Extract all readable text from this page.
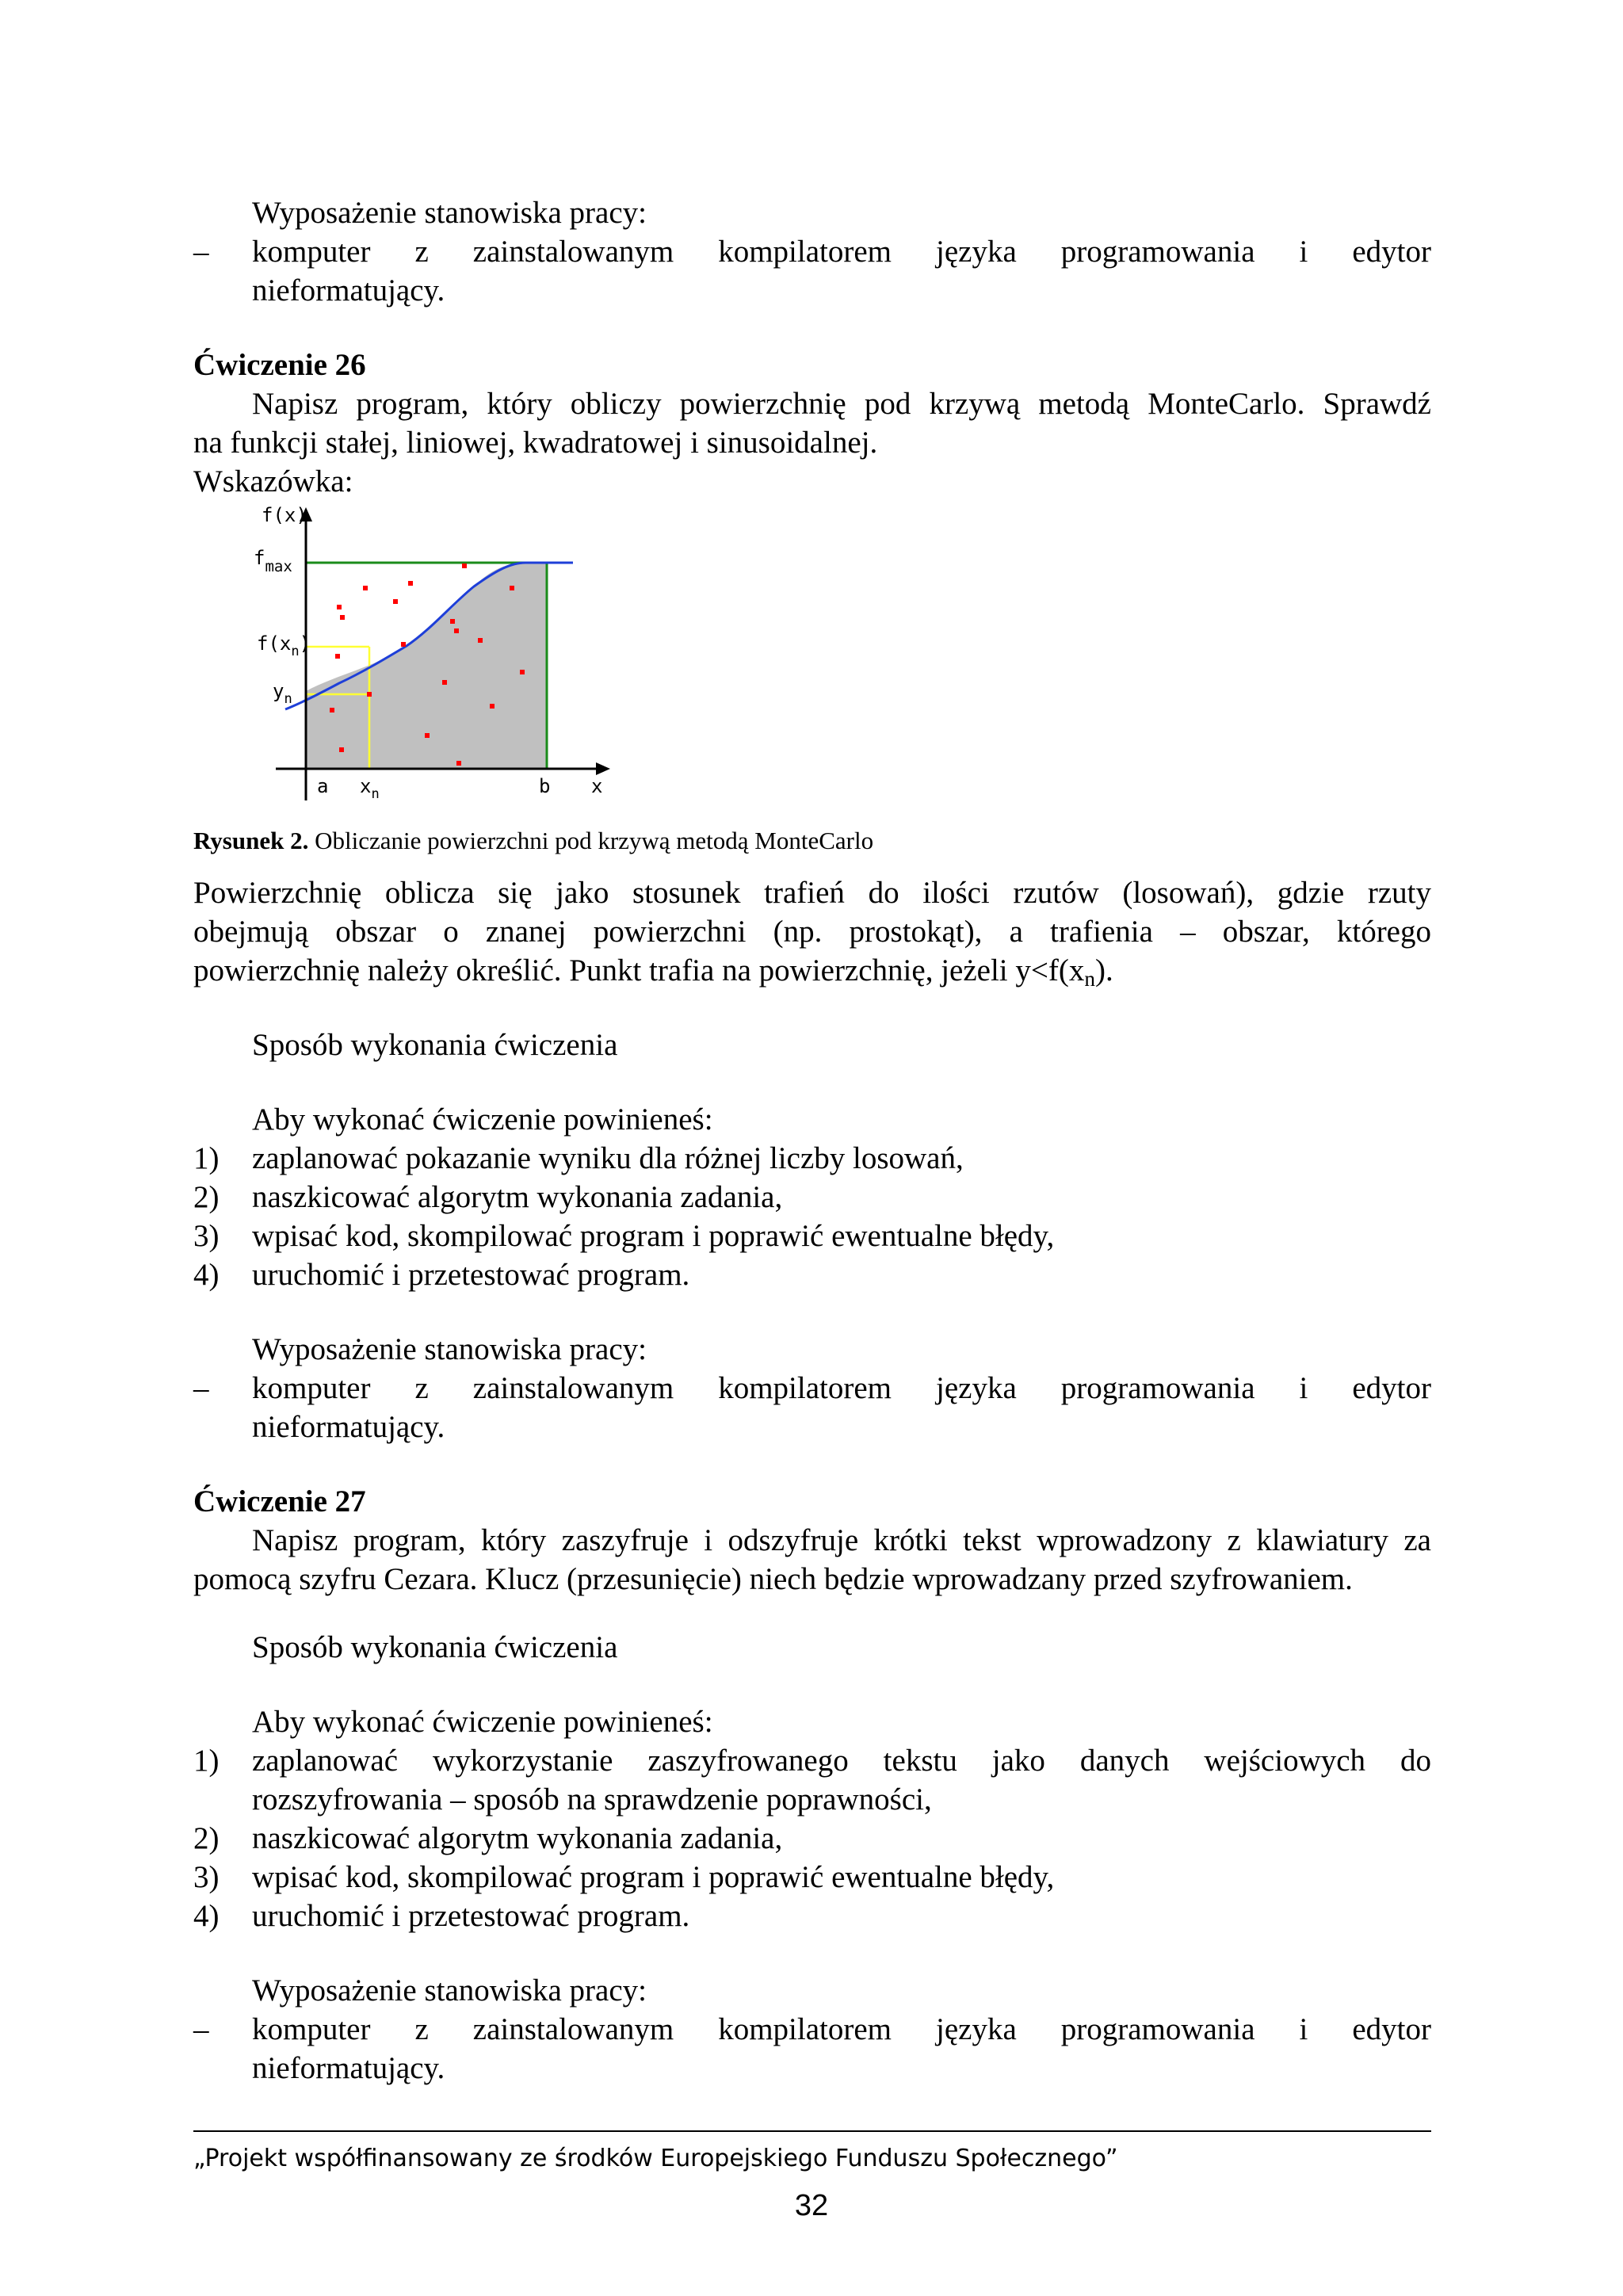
Wyposażenie stanowiska pracy:
– komputer z zainstalowanym kompilatorem języka programowania i edytor
nieformatujący.
Ćwiczenie 26
Napisz program, który obliczy powierzchnię pod krzywą metodą MonteCarlo. Sprawdź
na funkcji stałej, liniowej, kwadratowej i sinusoidalnej.
Wskazówka:
f(x)
$f_{max}$
$f(x_n)$
$y_n$
a $x_n$	b x
Rysunek 2. Obliczanie powierzchni pod krzywą metodą MonteCarlo
Powierzchnię oblicza się jako stosunek trafień do ilości rzutów (losowań), gdzie rzuty
obejmują obszar o znanej powierzchni (np. prostokąt), a trafienia – obszar, którego
powierzchnię należy określić. Punkt trafia na powierzchnię, jeżeli $y<f(x_n)$.
Sposób wykonania ćwiczenia
Aby wykonać ćwiczenie powinieneś:
1) zaplanować pokazanie wyniku dla różnej liczby losowań,
2) naszkicować algorytm wykonania zadania,
3) wpisać kod, skompilować program i poprawić ewentualne błędy,
4) uruchomić i przetestować program.
Wyposażenie stanowiska pracy:
– komputer z zainstalowanym kompilatorem języka programowania i edytor
nieformatujący.
Ćwiczenie 27
Napisz program, który zaszyfruje i odszyfruje krótki tekst wprowadzony z klawiatury za
pomocą szyfru Cezara. Klucz (przesunięcie) niech będzie wprowadzany przed szyfrowaniem.
Sposób wykonania ćwiczenia
Aby wykonać ćwiczenie powinieneś:
1) zaplanować wykorzystanie zaszyfrowanego tekstu jako danych wejściowych do
rozszyfrowania – sposób na sprawdzenie poprawności,
2) naszkicować algorytm wykonania zadania,
3) wpisać kod, skompilować program i poprawić ewentualne błędy,
4) uruchomić i przetestować program.
Wyposażenie stanowiska pracy:
– komputer z zainstalowanym kompilatorem języka programowania i edytor
nieformatujący.
„Projekt współfinansowany ze środków Europejskiego Funduszu Społecznego”
32
